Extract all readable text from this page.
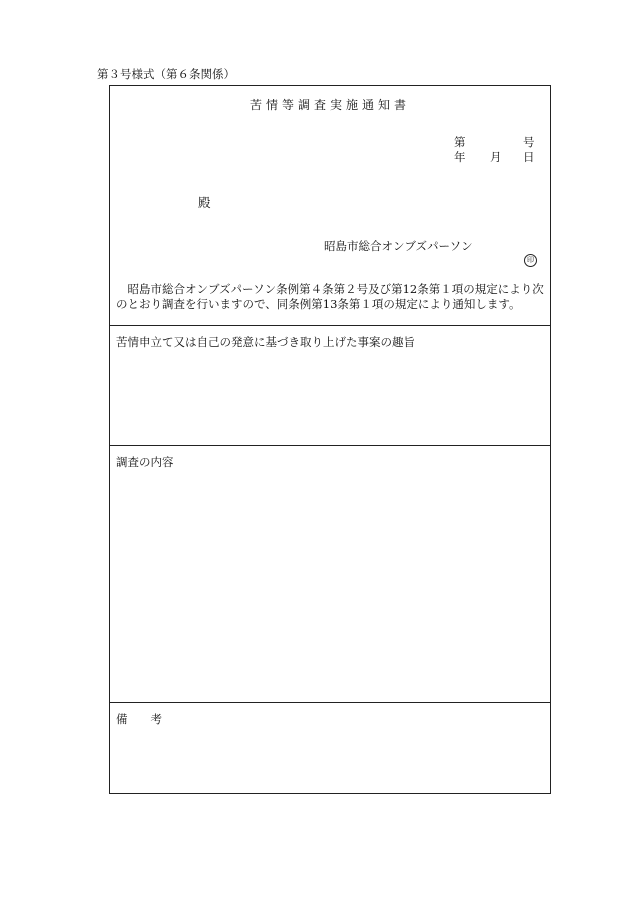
第３号様式（第６条関係）
苦情等調査実施通知書
第	号
年 月 日
殿
昭島市総合オンブズパーソン
印

　昭島市総合オンブズパーソン条例第４条第２号及び第12条第１項の規定により次

のとおり調査を行いますので、同条例第13条第１項の規定により通知します。

苦情申立て又は自己の発意に基づき取り上げた事案の趣旨
調査の内容
備　　考
